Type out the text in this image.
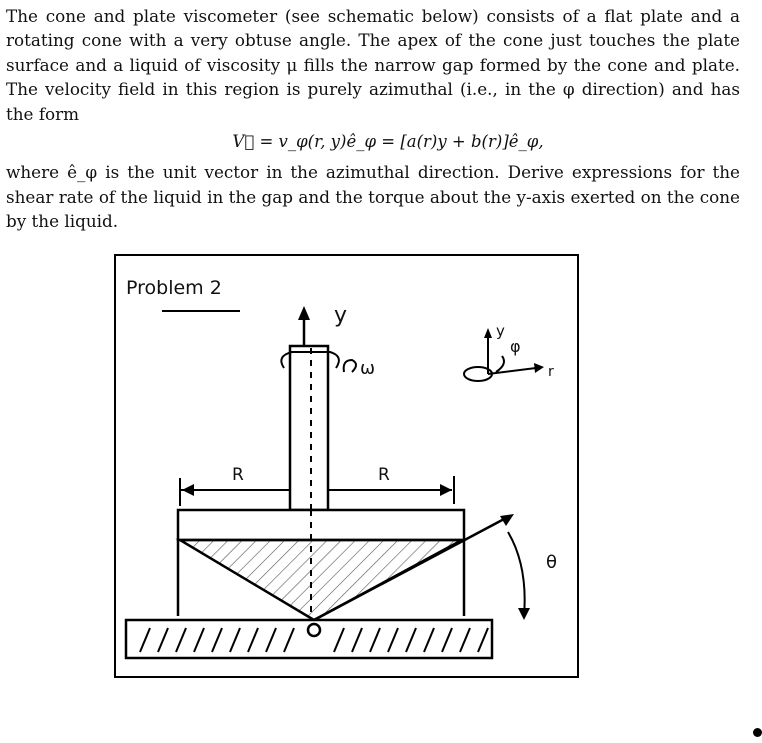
The cone and plate viscometer (see schematic below) consists of a flat plate and a rotating cone with a very obtuse angle. The apex of the cone just touches the plate surface and a liquid of viscosity μ fills the narrow gap formed by the cone and plate. The velocity field in this region is purely azimuthal (i.e., in the φ direction) and has the form

V⃗ = v_φ(r, y)ê_φ = [a(r)y + b(r)]ê_φ,

where ê_φ is the unit vector in the azimuthal direction. Derive expressions for the shear rate of the liquid in the gap and the torque about the y-axis exerted on the cone by the liquid.

Problem 2
y
ω
y
r
φ
R	R
θ
